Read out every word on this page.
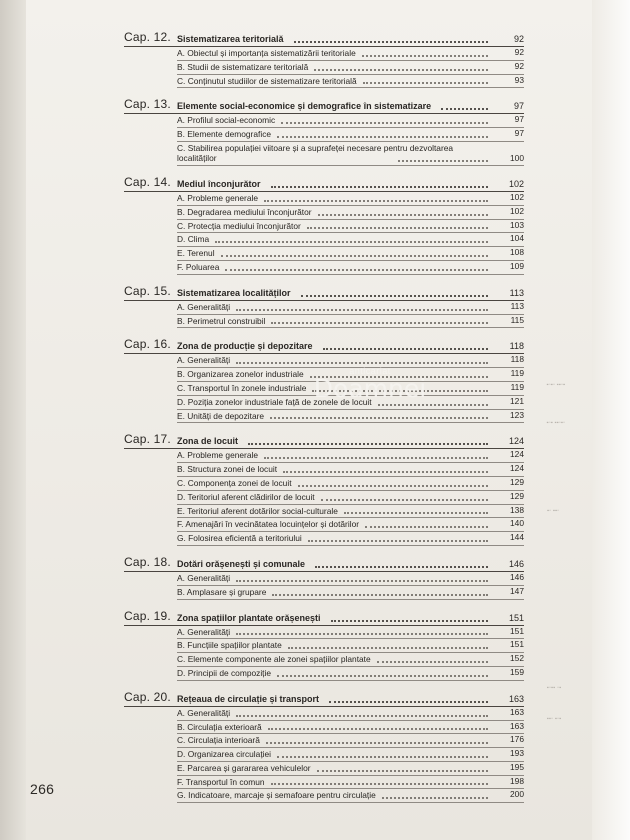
Cap. 12. Sistematizarea teritorială	92
A. Obiectul și importanța sistematizării teritoriale	92
B. Studii de sistematizare teritorială	92
C. Conținutul studiilor de sistematizare teritorială	93
Cap. 13. Elemente social-economice și demografice în sistematizare	97
A. Profilul social-economic	97
B. Elemente demografice	97
C. Stabilirea populației viitoare și a suprafeței necesare pentru dezvoltarea localităților	100
Cap. 14. Mediul înconjurător	102
A. Probleme generale	102
B. Degradarea mediului înconjurător	102
C. Protecția mediului înconjurător	103
D. Clima	104
E. Terenul	108
F. Poluarea	109
Cap. 15. Sistematizarea localităților	113
A. Generalități	113
B. Perimetrul construibil	115
Cap. 16. Zona de producție și depozitare	118
A. Generalități	118
B. Organizarea zonelor industriale	119
C. Transportul în zonele industriale	119
D. Poziția zonelor industriale față de zonele de locuit	121
E. Unități de depozitare	123
Cap. 17. Zona de locuit	124
A. Probleme generale	124
B. Structura zonei de locuit	124
C. Componența zonei de locuit	129
D. Teritoriul aferent clădirilor de locuit	129
E. Teritoriul aferent dotărilor social-culturale	138
F. Amenajări în vecinătatea locuințelor și dotărilor	140
G. Folosirea eficientă a teritoriului	144
Cap. 18. Dotări orășenești și comunale	146
A. Generalități	146
B. Amplasare și grupare	147
Cap. 19. Zona spațiilor plantate orășenești	151
A. Generalități	151
B. Funcțiile spațiilor plantate	151
C. Elemente componente ale zonei spațiilor plantate	152
D. Principii de compoziție	159
Cap. 20. Rețeaua de circulație și transport	163
A. Generalități	163
B. Circulația exterioară	163
C. Circulația interioară	176
D. Organizarea circulației	193
E. Parcarea și garararea vehiculelor	195
F. Transportul în comun	198
G. Indicatoare, marcaje și semafoare pentru circulație	200
anticariat
Doamnei	▪▫▪▫ ▪▪▫▪
▪▫▪ ▪▪▫▪▫
▪▫ ▪▪▫
▪▫▪▪ ▫▪
▪▪▫ ▪▫▪
266
